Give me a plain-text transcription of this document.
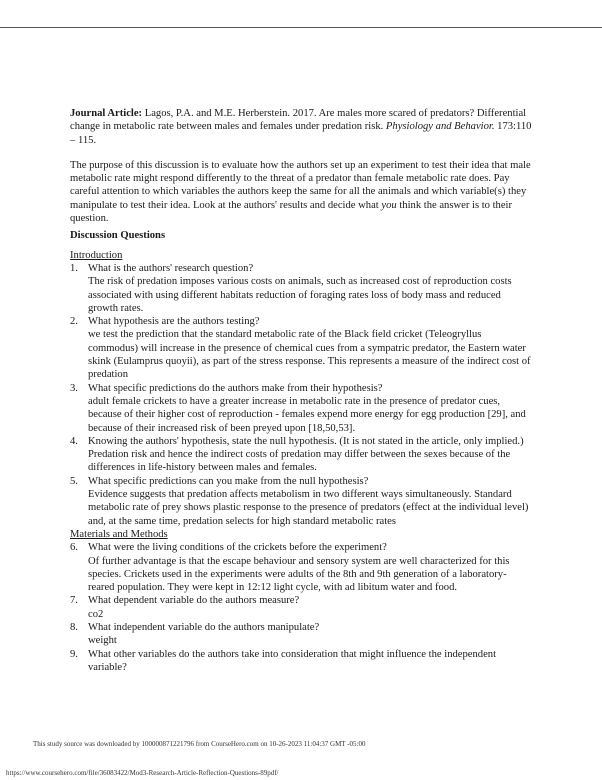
Journal Article: Lagos, P.A. and M.E. Herberstein. 2017. Are males more scared of predators? Differential change in metabolic rate between males and females under predation risk. Physiology and Behavior. 173:110 – 115.

The purpose of this discussion is to evaluate how the authors set up an experiment to test their idea that male metabolic rate might respond differently to the threat of a predator than female metabolic rate does. Pay careful attention to which variables the authors keep the same for all the animals and which variable(s) they manipulate to test their idea. Look at the authors' results and decide what you think the answer is to their question.

Discussion Questions
Introduction
1. What is the authors' research question?
The risk of predation imposes various costs on animals, such as increased cost of reproduction costs associated with using different habitats reduction of foraging rates loss of body mass and reduced growth rates.
2. What hypothesis are the authors testing?
we test the prediction that the standard metabolic rate of the Black field cricket (Teleogryllus commodus) will increase in the presence of chemical cues from a sympatric predator, the Eastern water skink (Eulamprus quoyii), as part of the stress response. This represents a measure of the indirect cost of predation
3. What specific predictions do the authors make from their hypothesis?
adult female crickets to have a greater increase in metabolic rate in the presence of predator cues, because of their higher cost of reproduction - females expend more energy for egg production [29], and because of their increased risk of been preyed upon [18,50,53].
4. Knowing the authors' hypothesis, state the null hypothesis. (It is not stated in the article, only implied.)
Predation risk and hence the indirect costs of predation may differ between the sexes because of the differences in life-history between males and females.
5. What specific predictions can you make from the null hypothesis?
Evidence suggests that predation affects metabolism in two different ways simultaneously. Standard metabolic rate of prey shows plastic response to the presence of predators (effect at the individual level) and, at the same time, predation selects for high standard metabolic rates
Materials and Methods
6. What were the living conditions of the crickets before the experiment?
Of further advantage is that the escape behaviour and sensory system are well characterized for this species. Crickets used in the experiments were adults of the 8th and 9th generation of a laboratory-reared population. They were kept in 12:12 light cycle, with ad libitum water and food.
7. What dependent variable do the authors measure?
co2
8. What independent variable do the authors manipulate?
weight
9. What other variables do the authors take into consideration that might influence the independent variable?
This study source was downloaded by 100000871221796 from CourseHero.com on 10-26-2023 11:04:37 GMT -05:00
https://www.coursehero.com/file/36083422/Mod3-Research-Article-Reflection-Questions-89pdf/
